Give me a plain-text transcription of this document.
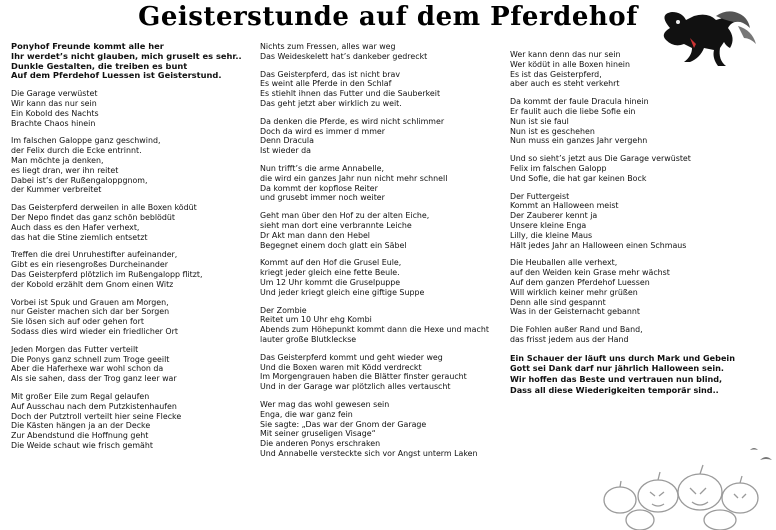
Geisterstunde auf dem Pferdehof
Ponyhof Freunde kommt alle her
Ihr werdet’s nicht glauben, mich gruselt es sehr..
Dunkle Gestalten, die treiben es bunt
Auf dem Pferdehof Luessen ist Geisterstund.
Die Garage verwüstet
Wir kann das nur sein
Ein Kobold des Nachts
Brachte Chaos hinein
Im falschen Galoppe ganz geschwind,
der Felix durch die Ecke entrinnt.
Man möchte ja denken,
es liegt dran, wer ihn reitet
Dabei ist’s der Rußengaloppgnom,
der Kummer verbreitet
Das Geisterpferd derweilen in alle Boxen ködüt
Der Nepo findet das ganz schön beblödüt
Auch dass es den Hafer verhext,
das hat die Stine ziemlich entsetzt
Treffen die drei Unruhestifter aufeinander,
Gibt es ein riesengroßes Durcheinander
Das Geisterpferd plötzlich im Rußengalopp flitzt,
der Kobold erzählt dem Gnom einen Witz
Vorbei ist Spuk und Grauen am Morgen,
nur Geister machen sich dar ber Sorgen
Sie lösen sich auf oder gehen fort
Sodass dies wird wieder ein friedlicher Ort
Jeden Morgen das Futter verteilt
Die Ponys ganz schnell zum Troge geeilt
Aber die Haferhexe war wohl schon da
Als sie sahen, dass der Trog ganz leer war
Mit großer Eile zum Regal gelaufen
Auf Ausschau nach dem Putzkistenhaufen
Doch der Putztroll verteilt hier seine Flecke
Die Kästen hängen ja an der Decke
Zur Abendstund die Hoffnung geht
Die Weide schaut wie frisch gemäht
Nichts zum Fressen, alles war weg
Das Weideskelett hat’s dankeber gedreckt
Das Geisterpferd, das ist nicht brav
Es weint alle Pferde in den Schlaf
Es stiehlt ihnen das Futter und die Sauberkeit
Das geht jetzt aber wirklich zu weit.
Da denken die Pferde, es wird nicht schlimmer
Doch da wird es immer d mmer
Denn Dracula
Ist wieder da
Nun trifft’s die arme Annabelle,
die wird ein ganzes Jahr nun nicht mehr schnell
Da kommt der kopflose Reiter
und grusebt immer noch weiter
Geht man über den Hof zu der alten Eiche,
sieht man dort eine verbrannte Leiche
Dr Akt man dann den Hebel
Begegnet einem doch glatt ein Säbel
Kommt auf den Hof die Grusel Eule,
kriegt jeder gleich eine fette Beule.
Um 12 Uhr kommt die Gruselpuppe
Und jeder kriegt gleich eine giftige Suppe
Der Zombie
Reitet um 10 Uhr ehg Kombi
Abends zum Höhepunkt kommt dann die Hexe und macht
lauter große Blutkleckse
Das Geisterpferd kommt und geht wieder weg
Und die Boxen waren mit Ködd verdreckt
Im Morgengrauen haben die Blätter finster geraucht
Und in der Garage war plötzlich alles vertauscht
Wer mag das wohl gewesen sein
Enga, die war ganz fein
Sie sagte: „Das war der Gnom der Garage
Mit seiner gruseligen Visage“
Die anderen Ponys erschraken
Und Annabelle versteckte sich vor Angst unterm Laken
Wer kann denn das nur sein
Wer ködüt in alle Boxen hinein
Es ist das Geisterpferd,
aber auch es steht verkehrt
Da kommt der faule Dracula hinein
Er faulit auch die liebe Sofie ein
Nun ist sie faul
Nun ist es geschehen
Nun muss ein ganzes Jahr vergehn
Und so sieht’s jetzt aus Die Garage verwüstet
Felix im falschen Galopp
Und Sofie, die hat gar keinen Bock
Der Futtergeist
Kommt an Halloween meist
Der Zauberer kennt ja
Unsere kleine Enga
Lilly, die kleine Maus
Hält jedes Jahr an Halloween einen Schmaus
Die Heuballen alle verhext,
auf den Weiden kein Grase mehr wächst
Auf dem ganzen Pferdehof Luessen
Will wirklich keiner mehr grüßen
Denn alle sind gespannt
Was in der Geisternacht gebannt
Die Fohlen außer Rand und Band,
das frisst jedem aus der Hand
Ein Schauer der läuft uns durch Mark und Gebein
Gott sei Dank darf nur jährlich Halloween sein.
Wir hoffen das Beste und vertrauen nun blind,
Dass all diese Wiederigkeiten temporär sind..
